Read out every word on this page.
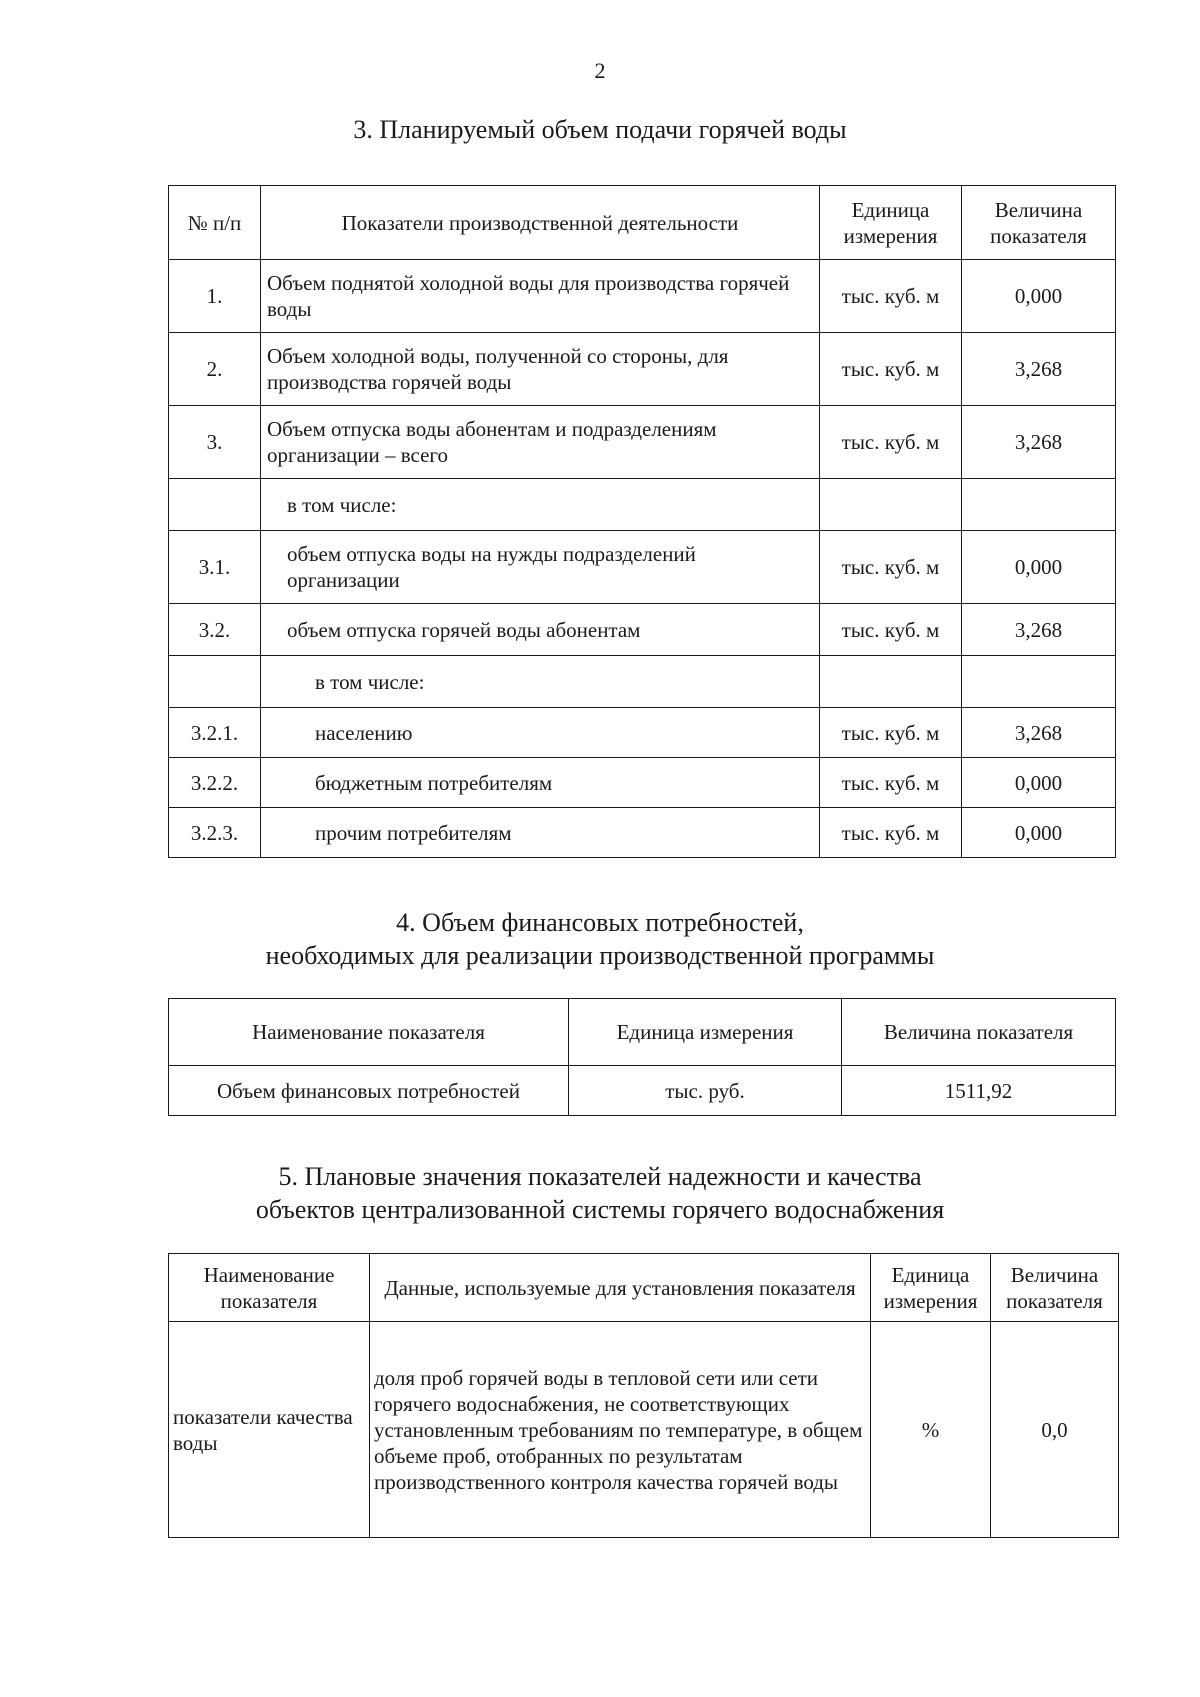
2
3. Планируемый объем подачи горячей воды
№ п/п	Показатели производственной деятельности	Единица измерения	Величина показателя
1.	Объем поднятой холодной воды для производства горячей воды	тыс. куб. м	0,000
2.	Объем холодной воды, полученной со стороны, для производства горячей воды	тыс. куб. м	3,268
3.	Объем отпуска воды абонентам и подразделениям организации – всего	тыс. куб. м	3,268
	в том числе:		
3.1.	объем отпуска воды на нужды подразделений организации	тыс. куб. м	0,000
3.2.	объем отпуска горячей воды абонентам	тыс. куб. м	3,268
	в том числе:		
3.2.1.	населению	тыс. куб. м	3,268
3.2.2.	бюджетным потребителям	тыс. куб. м	0,000
3.2.3.	прочим потребителям	тыс. куб. м	0,000
4. Объем финансовых потребностей,
необходимых для реализации производственной программы
Наименование показателя	Единица измерения	Величина показателя
Объем финансовых потребностей	тыс. руб.	1511,92
5. Плановые значения показателей надежности и качества
объектов централизованной системы горячего водоснабжения
Наименование показателя	Данные, используемые для установления показателя	Единица измерения	Величина показателя
показатели качества воды	доля проб горячей воды в тепловой сети или сети горячего водоснабжения, не соответствующих установленным требованиям по температуре, в общем объеме проб, отобранных по результатам производственного контроля качества горячей воды	%	0,0
